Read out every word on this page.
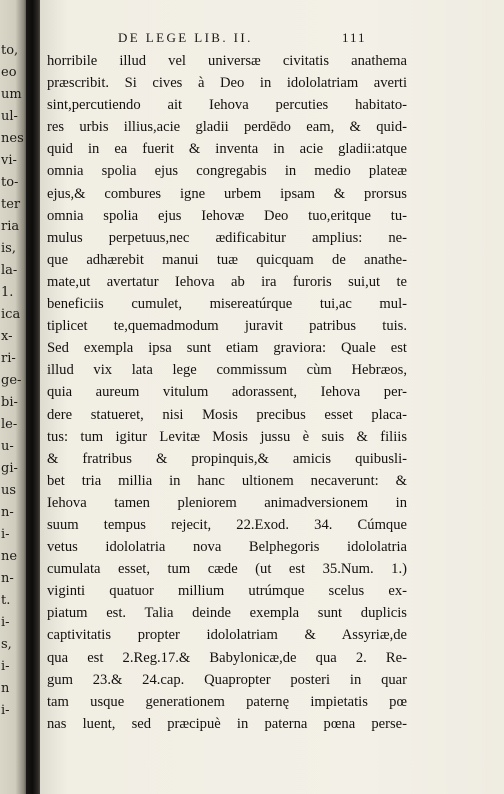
to,
eo
um
ul-
nes
vi-
to-
ter
ria
is,
la-
1.
ica
x-
ri-
ge-
bi-
le-
u-
gi-
us
n-
i-
ne
n-
t.
i-
s,
i-
n
i-
DE LEGE LIB. II.	111
horribile illud vel universæ civitatis anathema
præscribit. Si cives à Deo in idololatriam averti
sint,percutiendo ait Iehova percuties habitato-
res urbis illius,acie gladii perdēdo eam, & quid-
quid in ea fuerit & inventa in acie gladii:atque
omnia spolia ejus congregabis in medio plateæ
ejus,& combures igne urbem ipsam & prorsus
omnia spolia ejus Iehovæ Deo tuo,eritque tu-
mulus perpetuus,nec ædificabitur amplius: ne-
que adhærebit manui tuæ quicquam de anathe-
mate,ut avertatur Iehova ab ira furoris sui,ut te
beneficiis cumulet, misereatúrque tui,ac mul-
tiplicet te,quemadmodum juravit patribus tuis.
Sed exempla ipsa sunt etiam graviora: Quale est
illud vix lata lege commissum cùm Hebræos,
quia aureum vitulum adorassent, Iehova per-
dere statueret, nisi Mosis precibus esset placa-
tus: tum igitur Levitæ Mosis jussu è suis & filiis
& fratribus & propinquis,& amicis quibusli-
bet tria millia in hanc ultionem necaverunt: &
Iehova tamen pleniorem animadversionem in
suum tempus rejecit, 22.Exod. 34. Cúmque
vetus idololatria nova Belphegoris idololatria
cumulata esset, tum cæde (ut est 35.Num. 1.)
viginti quatuor millium utrúmque scelus ex-
piatum est. Talia deinde exempla sunt duplicis
captivitatis propter idololatriam & Assyriæ,de
qua est 2.Reg.17.& Babylonicæ,de qua 2. Re-
gum 23.& 24.cap. Quapropter posteri in quar
tam usque generationem paternę impietatis pœ
nas luent, sed præcipuè in paterna pœna perse-
